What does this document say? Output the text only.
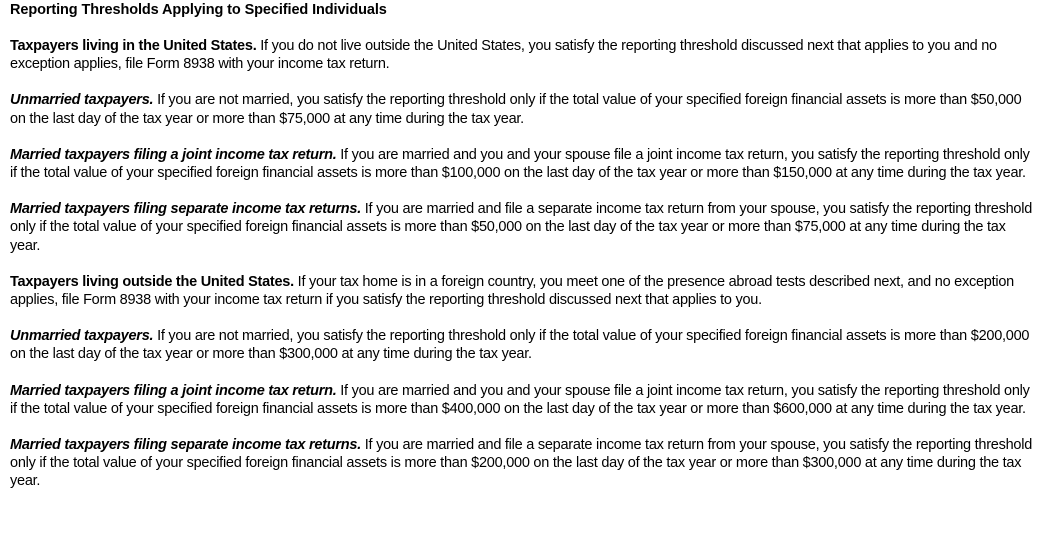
Reporting Thresholds Applying to Specified Individuals

Taxpayers living in the United States. If you do not live outside the United States, you satisfy the reporting threshold discussed next that applies to you and no exception applies, file Form 8938 with your income tax return.

Unmarried taxpayers. If you are not married, you satisfy the reporting threshold only if the total value of your specified foreign financial assets is more than $50,000 on the last day of the tax year or more than $75,000 at any time during the tax year.

Married taxpayers filing a joint income tax return. If you are married and you and your spouse file a joint income tax return, you satisfy the reporting threshold only if the total value of your specified foreign financial assets is more than $100,000 on the last day of the tax year or more than $150,000 at any time during the tax year.

Married taxpayers filing separate income tax returns. If you are married and file a separate income tax return from your spouse, you satisfy the reporting threshold only if the total value of your specified foreign financial assets is more than $50,000 on the last day of the tax year or more than $75,000 at any time during the tax year.

Taxpayers living outside the United States. If your tax home is in a foreign country, you meet one of the presence abroad tests described next, and no exception applies, file Form 8938 with your income tax return if you satisfy the reporting threshold discussed next that applies to you.

Unmarried taxpayers. If you are not married, you satisfy the reporting threshold only if the total value of your specified foreign financial assets is more than $200,000 on the last day of the tax year or more than $300,000 at any time during the tax year.

Married taxpayers filing a joint income tax return. If you are married and you and your spouse file a joint income tax return, you satisfy the reporting threshold only if the total value of your specified foreign financial assets is more than $400,000 on the last day of the tax year or more than $600,000 at any time during the tax year.

Married taxpayers filing separate income tax returns. If you are married and file a separate income tax return from your spouse, you satisfy the reporting threshold only if the total value of your specified foreign financial assets is more than $200,000 on the last day of the tax year or more than $300,000 at any time during the tax year.
